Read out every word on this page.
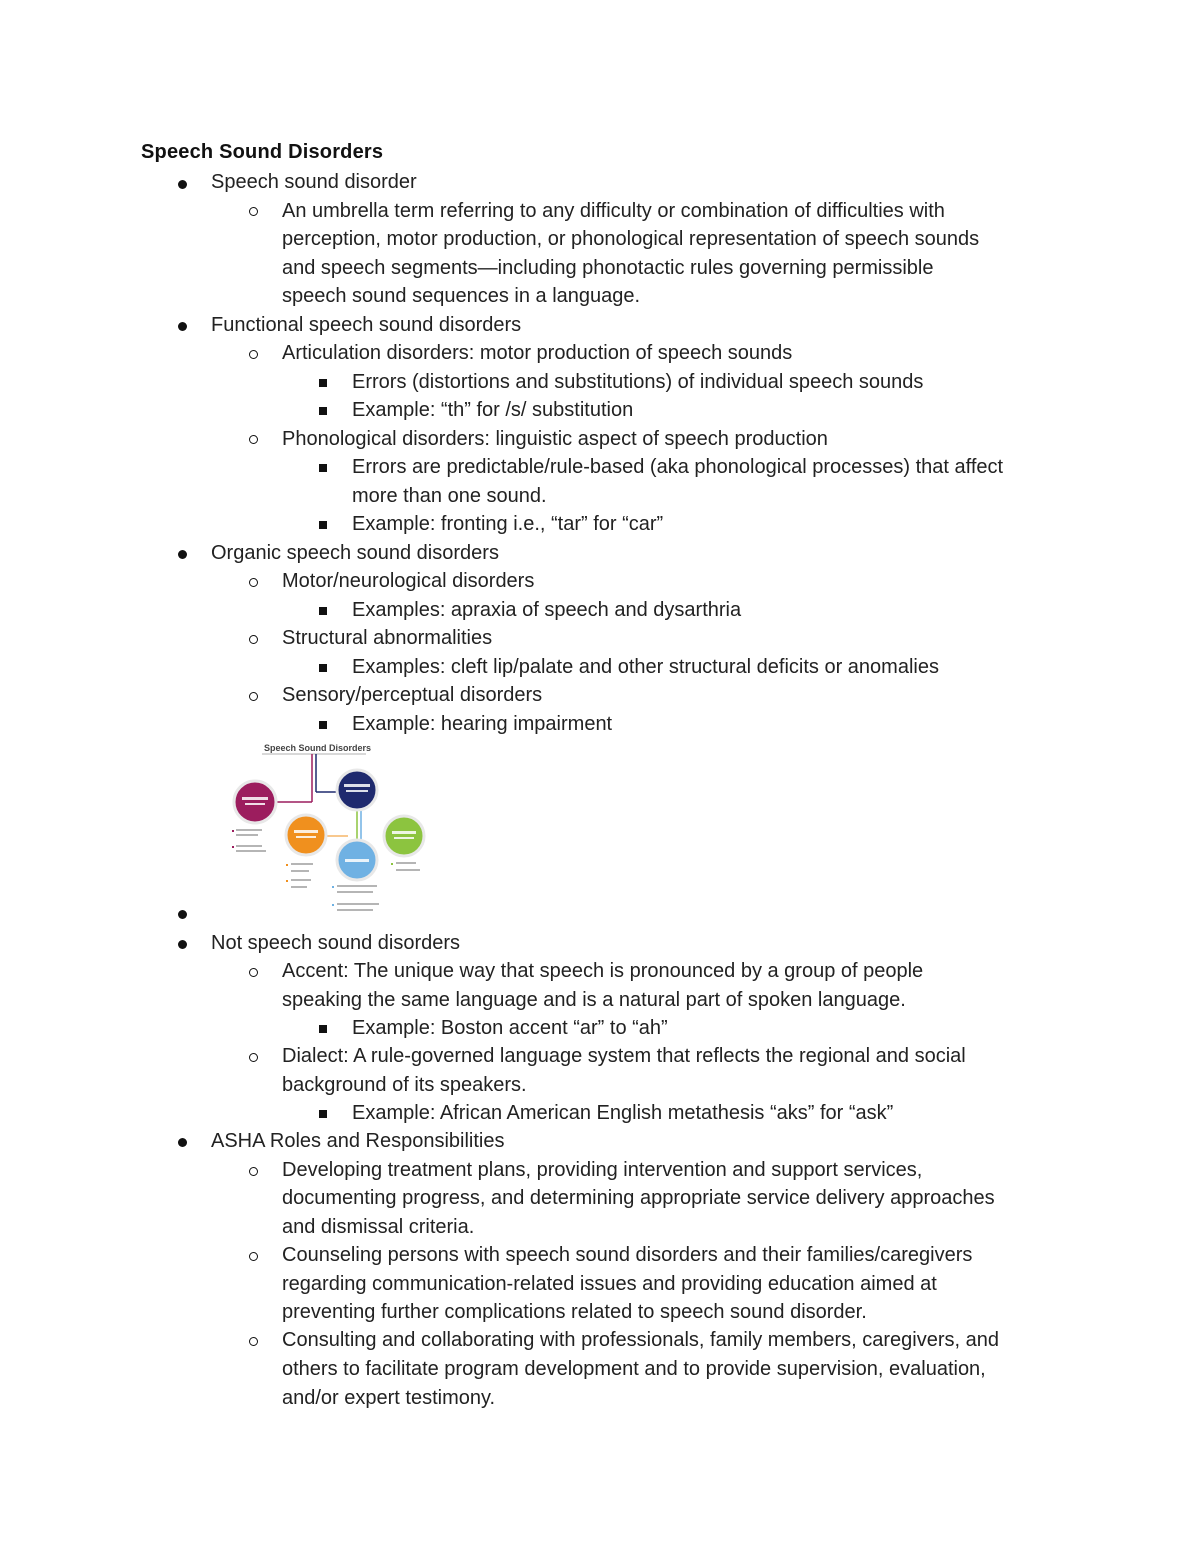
Speech Sound Disorders
Speech sound disorder
An umbrella term referring to any difficulty or combination of difficulties with
perception, motor production, or phonological representation of speech sounds
and speech segments—including phonotactic rules governing permissible
speech sound sequences in a language.
Functional speech sound disorders
Articulation disorders: motor production of speech sounds
Errors (distortions and substitutions) of individual speech sounds
Example: “th” for /s/ substitution
Phonological disorders: linguistic aspect of speech production
Errors are predictable/rule-based (aka phonological processes) that affect
more than one sound.
Example: fronting i.e., “tar” for “car”
Organic speech sound disorders
Motor/neurological disorders
Examples: apraxia of speech and dysarthria
Structural abnormalities
Examples: cleft lip/palate and other structural deficits or anomalies
Sensory/perceptual disorders
Example: hearing impairment
Speech Sound Disorders
Not speech sound disorders
Accent: The unique way that speech is pronounced by a group of people
speaking the same language and is a natural part of spoken language.
Example: Boston accent “ar” to “ah”
Dialect: A rule-governed language system that reflects the regional and social
background of its speakers.
Example: African American English metathesis “aks” for “ask”
ASHA Roles and Responsibilities
Developing treatment plans, providing intervention and support services,
documenting progress, and determining appropriate service delivery approaches
and dismissal criteria.
Counseling persons with speech sound disorders and their families/caregivers
regarding communication-related issues and providing education aimed at
preventing further complications related to speech sound disorder.
Consulting and collaborating with professionals, family members, caregivers, and
others to facilitate program development and to provide supervision, evaluation,
and/or expert testimony.
